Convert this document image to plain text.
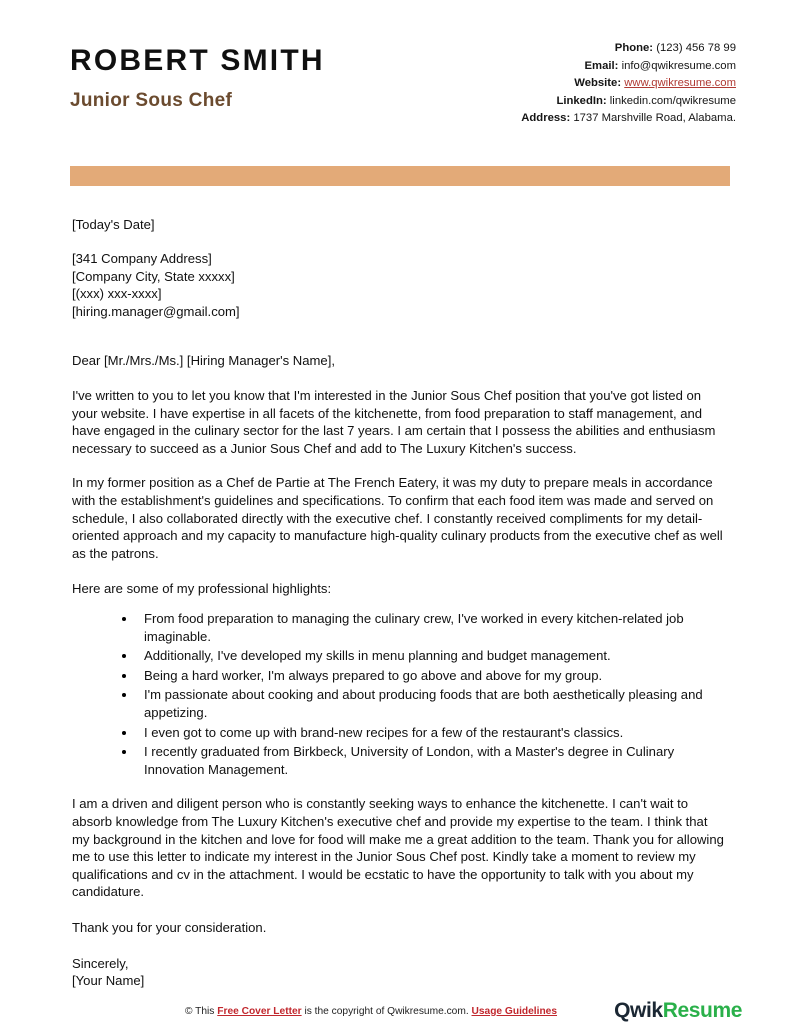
ROBERT SMITH
Junior Sous Chef
Phone: (123) 456 78 99
Email: info@qwikresume.com
Website: www.qwikresume.com
LinkedIn: linkedin.com/qwikresume
Address: 1737 Marshville Road, Alabama.
[Today's Date]
[341 Company Address]
[Company City, State xxxxx]
[(xxx) xxx-xxxx]
[hiring.manager@gmail.com]
Dear [Mr./Mrs./Ms.] [Hiring Manager's Name],
I've written to you to let you know that I'm interested in the Junior Sous Chef position that you've got listed on your website. I have expertise in all facets of the kitchenette, from food preparation to staff management, and have engaged in the culinary sector for the last 7 years. I am certain that I possess the abilities and enthusiasm necessary to succeed as a Junior Sous Chef and add to The Luxury Kitchen's success.
In my former position as a Chef de Partie at The French Eatery, it was my duty to prepare meals in accordance with the establishment's guidelines and specifications. To confirm that each food item was made and served on schedule, I also collaborated directly with the executive chef. I constantly received compliments for my detail-oriented approach and my capacity to manufacture high-quality culinary products from the executive chef as well as the patrons.
Here are some of my professional highlights:
From food preparation to managing the culinary crew, I've worked in every kitchen-related job imaginable.
Additionally, I've developed my skills in menu planning and budget management.
Being a hard worker, I'm always prepared to go above and above for my group.
I'm passionate about cooking and about producing foods that are both aesthetically pleasing and appetizing.
I even got to come up with brand-new recipes for a few of the restaurant's classics.
I recently graduated from Birkbeck, University of London, with a Master's degree in Culinary Innovation Management.
I am a driven and diligent person who is constantly seeking ways to enhance the kitchenette. I can't wait to absorb knowledge from The Luxury Kitchen's executive chef and provide my expertise to the team. I think that my background in the kitchen and love for food will make me a great addition to the team. Thank you for allowing me to use this letter to indicate my interest in the Junior Sous Chef post. Kindly take a moment to review my qualifications and cv in the attachment. I would be ecstatic to have the opportunity to talk with you about my candidature.
Thank you for your consideration.
Sincerely,
[Your Name]
© This Free Cover Letter is the copyright of Qwikresume.com. Usage Guidelines	QwikResume
